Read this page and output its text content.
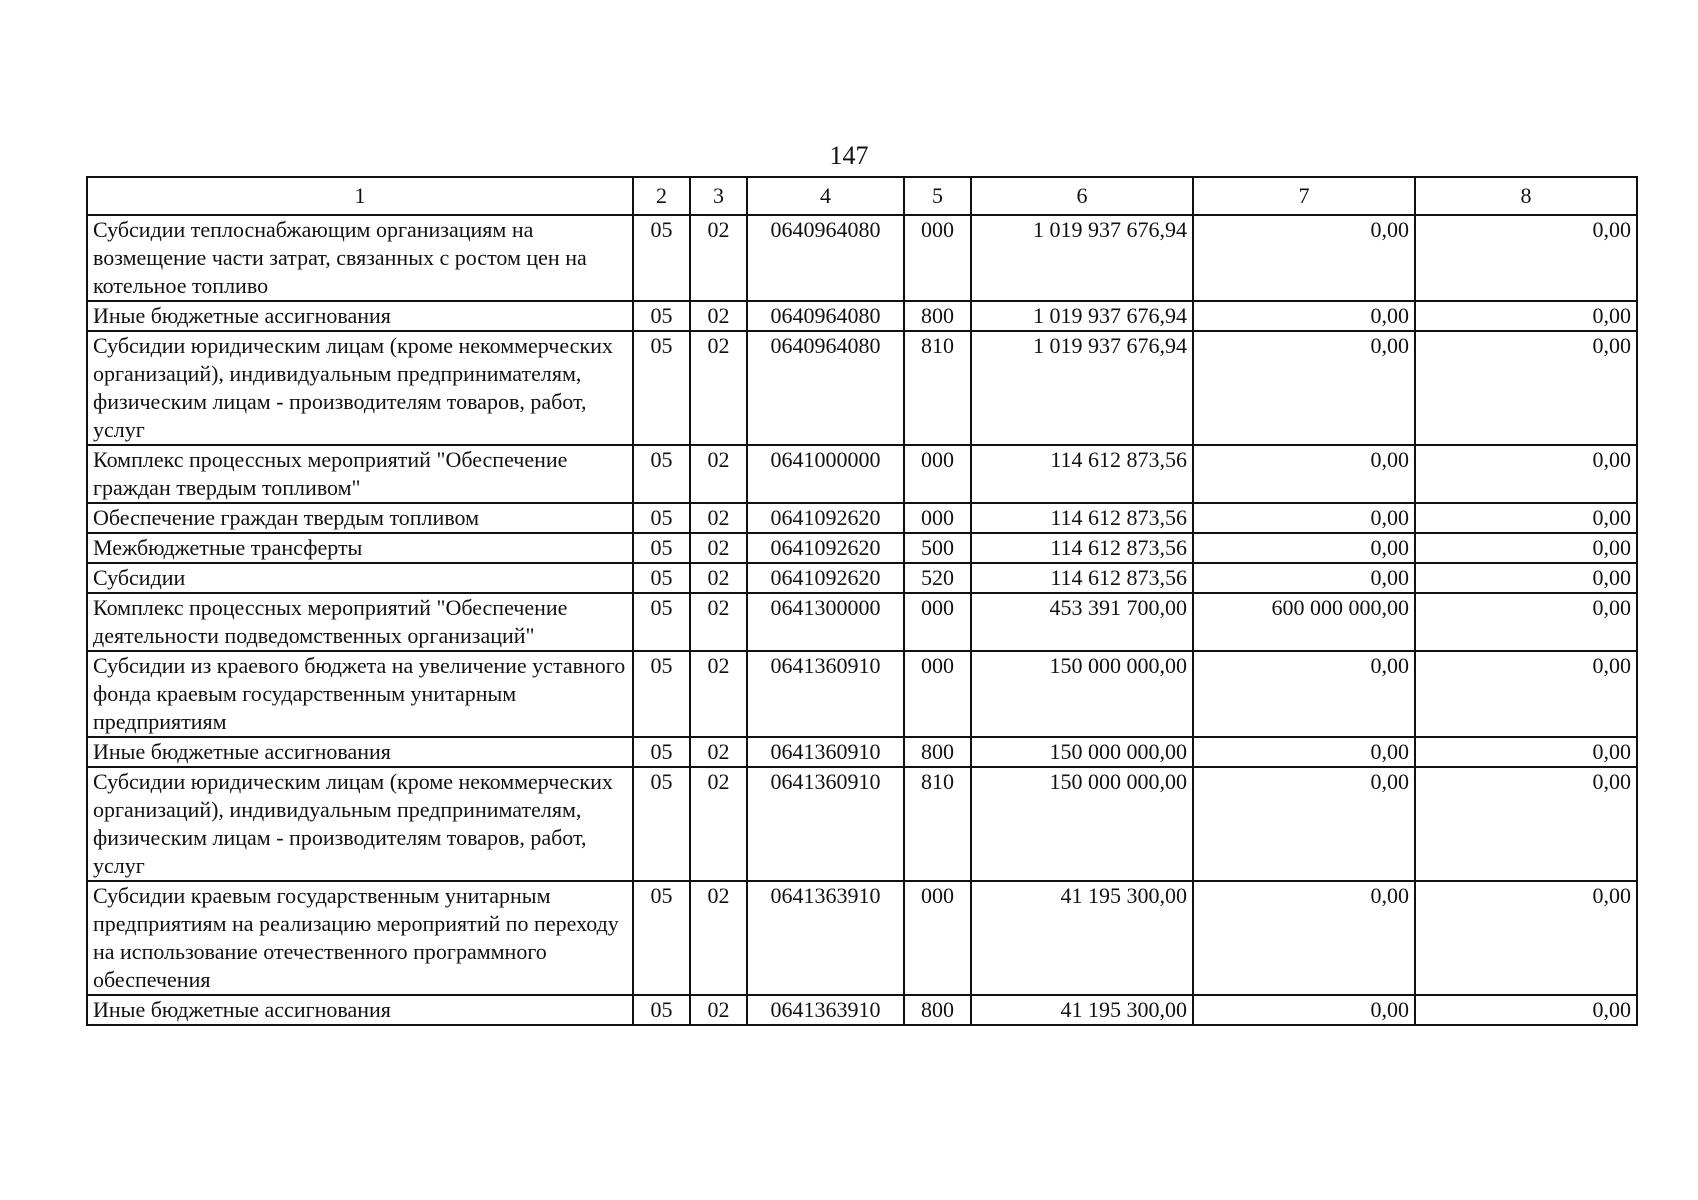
147
1	2	3	4	5	6	7	8
Субсидии теплоснабжающим организациям на возмещение части затрат, связанных с ростом цен на котельное топливо	05	02	0640964080	000	1 019 937 676,94	0,00	0,00
Иные бюджетные ассигнования	05	02	0640964080	800	1 019 937 676,94	0,00	0,00
Субсидии юридическим лицам (кроме некоммерческих организаций), индивидуальным предпринимателям, физическим лицам - производителям товаров, работ, услуг	05	02	0640964080	810	1 019 937 676,94	0,00	0,00
Комплекс процессных мероприятий "Обеспечение граждан твердым топливом"	05	02	0641000000	000	114 612 873,56	0,00	0,00
Обеспечение граждан твердым топливом	05	02	0641092620	000	114 612 873,56	0,00	0,00
Межбюджетные трансферты	05	02	0641092620	500	114 612 873,56	0,00	0,00
Субсидии	05	02	0641092620	520	114 612 873,56	0,00	0,00
Комплекс процессных мероприятий "Обеспечение деятельности подведомственных организаций"	05	02	0641300000	000	453 391 700,00	600 000 000,00	0,00
Субсидии из краевого бюджета на увеличение уставного фонда краевым государственным унитарным предприятиям	05	02	0641360910	000	150 000 000,00	0,00	0,00
Иные бюджетные ассигнования	05	02	0641360910	800	150 000 000,00	0,00	0,00
Субсидии юридическим лицам (кроме некоммерческих организаций), индивидуальным предпринимателям, физическим лицам - производителям товаров, работ, услуг	05	02	0641360910	810	150 000 000,00	0,00	0,00
Субсидии краевым государственным унитарным предприятиям на реализацию мероприятий по переходу на использование отечественного программного обеспечения	05	02	0641363910	000	41 195 300,00	0,00	0,00
Иные бюджетные ассигнования	05	02	0641363910	800	41 195 300,00	0,00	0,00
